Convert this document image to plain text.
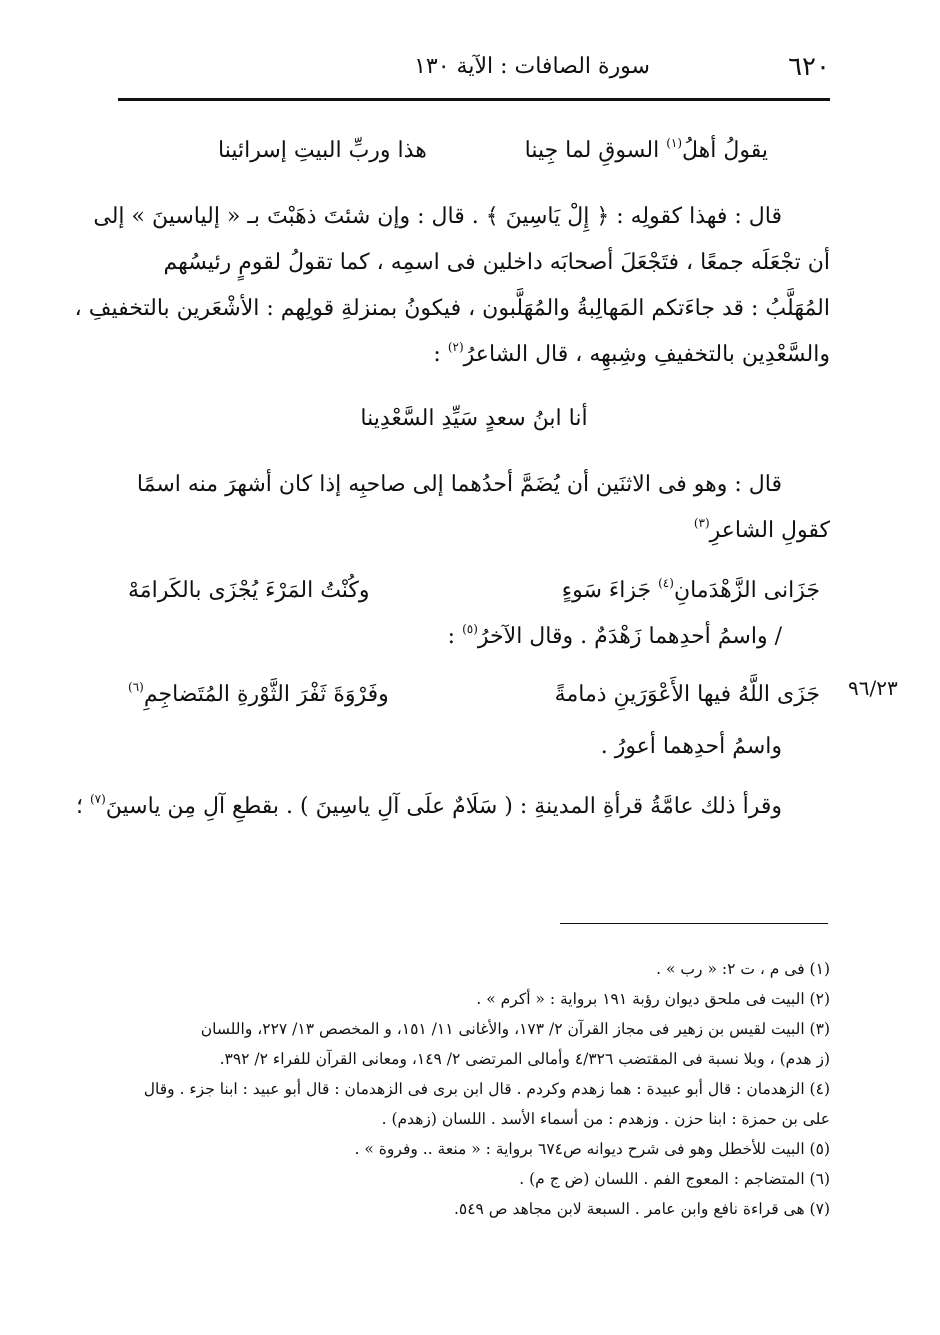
٦٢٠
سورة الصافات : الآية ١٣٠
٩٦/٢٣
يقولُ أهلُ$^{(١)}$ السوقِ لما جِينا
هذا وربِّ البيتِ إسرائينا
قال : فهذا كقولِه : ﴿ إِلْ يَاسِينَ ﴾ . قال : وإن شئتَ ذهَبْتَ بـ « إلياسينَ » إلى
أن تجْعَلَه جمعًا ، فتَجْعَلَ أصحابَه داخلين فى اسمِه ، كما تقولُ لقومٍ رئيسُهم
المُهَلَّبُ : قد جاءَتكم المَهالِبةُ والمُهَلَّبون ، فيكونُ بمنزلةِ قولِهم : الأشْعَرين بالتخفيفِ ،
والسَّعْدِين بالتخفيفِ وشِبهِه ، قال الشاعرُ$^{(٢)}$ :
أنا ابنُ سعدٍ سَيِّدِ السَّعْدِينا
قال : وهو فى الاثنَين أن يُضَمَّ أحدُهما إلى صاحبِه إذا كان أشهرَ منه اسمًا
كقولِ الشاعرِ$^{(٣)}$
جَزَانى الزَّهْدَمانِ$^{(٤)}$ جَزاءَ سَوءٍ
وكُنْتُ المَرْءَ يُجْزَى بالكَرامَهْ
/ واسمُ أحدِهما زَهْدَمٌ . وقال الآخرُ$^{(٥)}$ :
جَزَى اللَّهُ فيها الأَعْوَرَينِ ذمامةً
وفَرْوَةَ ثَفْرَ الثَّوْرةِ المُتَضاجِمِ$^{(٦)}$
واسمُ أحدِهما أعورُ .
وقرأ ذلك عامَّةُ قرأةِ المدينةِ : ( سَلَامٌ علَى آلِ ياسِينَ ) . بقطعِ آلِ مِن ياسينَ$^{(٧)}$ ؛
(١) فى م ، ت ٢: « رب » .
(٢) البيت فى ملحق ديوان رؤبة ١٩١ برواية : « أكرم » .
(٣) البيت لقيس بن زهير فى مجاز القرآن ٢/ ١٧٣، والأغانى ١١/ ١٥١، و المخصص ١٣/ ٢٢٧، واللسان
(ز هدم) ، وبلا نسبة فى المقتضب ٤/٣٢٦ وأمالى المرتضى ٢/ ١٤٩، ومعانى القرآن للفراء ٢/ ٣٩٢.
(٤) الزهدمان : قال أبو عبيدة : هما زهدم وكردم . قال ابن برى فى الزهدمان : قال أبو عبيد : ابنا جزء . وقال
على بن حمزة : ابنا حزن . وزهدم : من أسماء الأسد . اللسان (زهدم) .
(٥) البيت للأخطل وهو فى شرح ديوانه ص٦٧٤ برواية : « منعة .. وفروة » .
(٦) المتضاجم : المعوج الفم . اللسان (ض ج م) .
(٧) هى قراءة نافع وابن عامر . السبعة لابن مجاهد ص ٥٤٩.
